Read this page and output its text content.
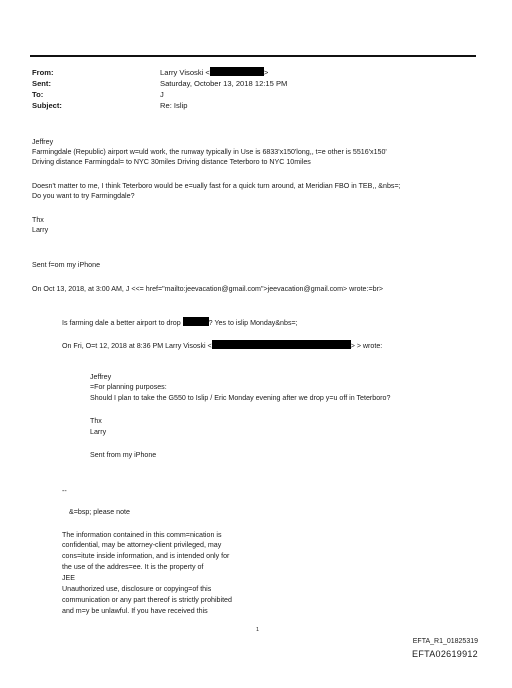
From:	Larry Visoski <	>
Sent:	Saturday, October 13, 2018 12:15 PM
To:	J
Subject:	Re: Islip
Jeffrey
Farmingdale (Republic) airport w=uld work, the runway typically in Use is 6833'x150'long,, t=e other is 5516'x150'
Driving distance Farmingdal= to NYC 30miles Driving distance Teterboro to NYC 10miles
Doesn't matter to me, I think Teterboro would be e=ually fast for a quick turn around, at Meridian FBO in TEB,, &nbs=;
Do you want to try Farmingdale?
Thx
Larry
Sent f=om my iPhone
On Oct 13, 2018, at 3:00 AM, J <<= href="mailto:jeevacation@gmail.com">jeevacation@gmail.com> wrote:=br>
Is farming dale a better airport to drop	? Yes to islip Monday&nbs=;
On Fri, O=t 12, 2018 at 8:36 PM Larry Visoski <	> > wrote:
Jeffrey
=For planning purposes:
Should I plan to take the G550 to Islip / Eric Monday evening after we drop y=u off in Teterboro?
Thx
Larry
Sent from my iPhone
--
&=bsp; please note
The information contained in this comm=nication is
confidential, may be attorney-client privileged, may
cons=itute inside information, and is intended only for
the use of the addres=ee. It is the property of
JEE
Unauthorized use, disclosure or copying=of this
communication or any part thereof is strictly prohibited
and m=y be unlawful. If you have received this
1
EFTA_R1_01825319
EFTA02619912
